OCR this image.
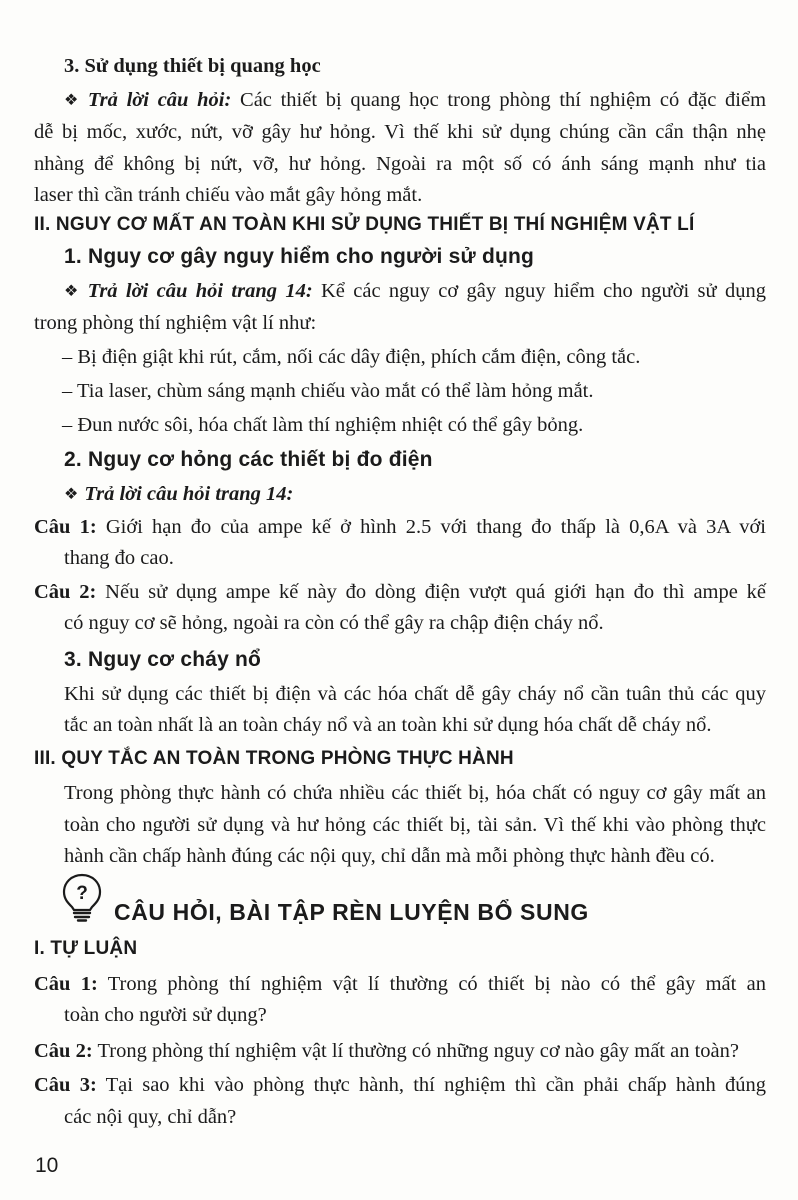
3. Sử dụng thiết bị quang học
❖ Trả lời câu hỏi: Các thiết bị quang học trong phòng thí nghiệm có đặc điểm
dễ bị mốc, xước, nứt, vỡ gây hư hỏng. Vì thế khi sử dụng chúng cần cẩn thận nhẹ
nhàng để không bị nứt, vỡ, hư hỏng. Ngoài ra một số có ánh sáng mạnh như tia
laser thì cần tránh chiếu vào mắt gây hỏng mắt.
II. NGUY CƠ MẤT AN TOÀN KHI SỬ DỤNG THIẾT BỊ THÍ NGHIỆM VẬT LÍ
1. Nguy cơ gây nguy hiểm cho người sử dụng
❖ Trả lời câu hỏi trang 14: Kể các nguy cơ gây nguy hiểm cho người sử dụng
trong phòng thí nghiệm vật lí như:
– Bị điện giật khi rút, cắm, nối các dây điện, phích cắm điện, công tắc.
– Tia laser, chùm sáng mạnh chiếu vào mắt có thể làm hỏng mắt.
– Đun nước sôi, hóa chất làm thí nghiệm nhiệt có thể gây bỏng.
2. Nguy cơ hỏng các thiết bị đo điện
❖ Trả lời câu hỏi trang 14:
Câu 1: Giới hạn đo của ampe kế ở hình 2.5 với thang đo thấp là 0,6A và 3A với
thang đo cao.
Câu 2: Nếu sử dụng ampe kế này đo dòng điện vượt quá giới hạn đo thì ampe kế
có nguy cơ sẽ hỏng, ngoài ra còn có thể gây ra chập điện cháy nổ.
3. Nguy cơ cháy nổ
Khi sử dụng các thiết bị điện và các hóa chất dễ gây cháy nổ cần tuân thủ các quy
tắc an toàn nhất là an toàn cháy nổ và an toàn khi sử dụng hóa chất dễ cháy nổ.
III. QUY TẮC AN TOÀN TRONG PHÒNG THỰC HÀNH
Trong phòng thực hành có chứa nhiều các thiết bị, hóa chất có nguy cơ gây mất an
toàn cho người sử dụng và hư hỏng các thiết bị, tài sản. Vì thế khi vào phòng thực
hành cần chấp hành đúng các nội quy, chỉ dẫn mà mỗi phòng thực hành đều có.
?
CÂU HỎI, BÀI TẬP RÈN LUYỆN BỔ SUNG
I. TỰ LUẬN
Câu 1: Trong phòng thí nghiệm vật lí thường có thiết bị nào có thể gây mất an
toàn cho người sử dụng?
Câu 2: Trong phòng thí nghiệm vật lí thường có những nguy cơ nào gây mất an toàn?
Câu 3: Tại sao khi vào phòng thực hành, thí nghiệm thì cần phải chấp hành đúng
các nội quy, chỉ dẫn?
10
